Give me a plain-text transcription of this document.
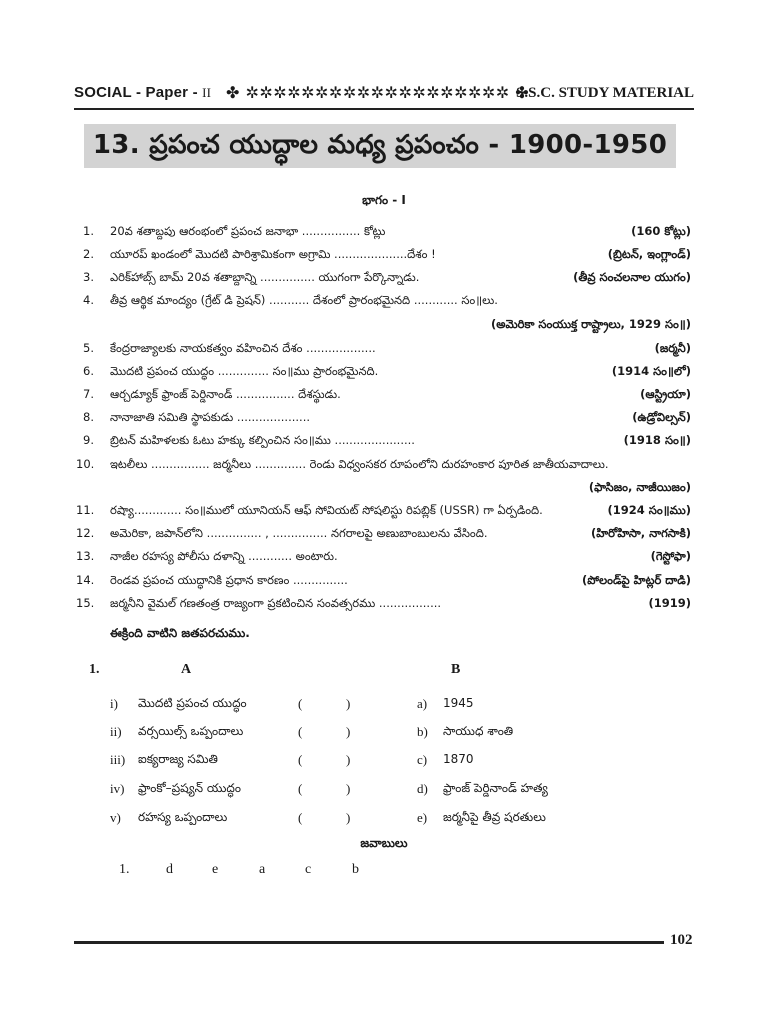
SOCIAL - Paper - II ✤ ✲✲✲✲✲✲✲✲✲✲✲✲✲✲✲✲✲✲✲ ✤
S.S.C. STUDY MATERIAL
13. ప్రపంచ యుద్ధాల మధ్య ప్రపంచం - 1900-1950
భాగం - I
1. 20వ శతాబ్దపు ఆరంభంలో ప్రపంచ జనాభా ................ కోట్లు	(160 కోట్లు)
2. యూరప్ ఖండంలో మొదటి పారిశ్రామికంగా అగ్రామి ....................దేశం !	(బ్రిటన్, ఇంగ్లాండ్)
3. ఎరిక్‌హాబ్స్ బామ్ 20వ శతాబ్దాన్ని ............... యుగంగా పేర్కొన్నాడు.	(తీవ్ర సంచలనాల యుగం)
4. తీవ్ర ఆర్థిక మాంద్యం (గ్రేట్ డి ప్రెషన్) ........... దేశంలో ప్రారంభమైనది ............ సం॥లు.
(అమెరికా సంయుక్త రాష్ట్రాలు, 1929 సం॥)
5. కేంద్రరాజ్యాలకు నాయకత్వం వహించిన దేశం ...................	(జర్మనీ)
6. మొదటి ప్రపంచ యుద్ధం .............. సం॥ము ప్రారంభమైనది.	(1914 సం॥లో)
7. ఆర్చడ్యూక్ ఫ్రాంజ్ పెర్డినాండ్ ................ దేశస్థుడు.	(ఆస్ట్రియా)
8. నానాజాతి సమితి స్థాపకుడు ....................	(ఉడ్రోవిల్సన్)
9. బ్రిటన్ మహిళలకు ఓటు హక్కు కల్పించిన సం॥ము ......................	(1918 సం॥)
10. ఇటలీలు ................ జర్మనీలు .............. రెండు విధ్వంసకర రూపంలోని దురహంకార పూరిత జాతీయవాదాలు.
(ఫాసిజం, నాజీయిజం)
11. రష్యా............. సం॥ములో యూనియన్ ఆఫ్ సోవియట్ సోషలిస్టు రిపబ్లిక్ (USSR) గా ఏర్పడింది.	(1924 సం॥ము)
12. అమెరికా, జపాన్‌లోని ............... , ............... నగరాలపై అణుబాంబులను వేసింది.	(హిరోహిసా, నాగసాకి)
13. నాజీల రహస్య పోలీసు దళాన్ని ............ అంటారు.	(గెస్టోఫా)
14. రెండవ ప్రపంచ యుద్ధానికి ప్రధాన కారణం ...............	(పోలండ్‌పై హిట్లర్ దాడి)
15. జర్మనీని వైమల్ గణతంత్ర రాజ్యంగా ప్రకటించిన సంవత్సరము .................	(1919)
ఈక్రింది వాటిని జతపరచుము.
1.	A	B
i) మొదటి ప్రపంచ యుద్ధం	(	)	a) 1945
ii) వర్సయిల్స్ ఒప్పందాలు	(	)	b) సాయుధ శాంతి
iii) ఐక్యరాజ్య సమితి	(	)	c) 1870
iv) ఫ్రాంకో–ప్రష్యన్ యుద్ధం	(	)	d) ఫ్రాంజ్ పెర్డినాండ్ హత్య
v) రహస్య ఒప్పందాలు	(	)	e) జర్మనీపై తీవ్ర షరతులు
జవాబులు
1.	d	e	a	c	b
102
